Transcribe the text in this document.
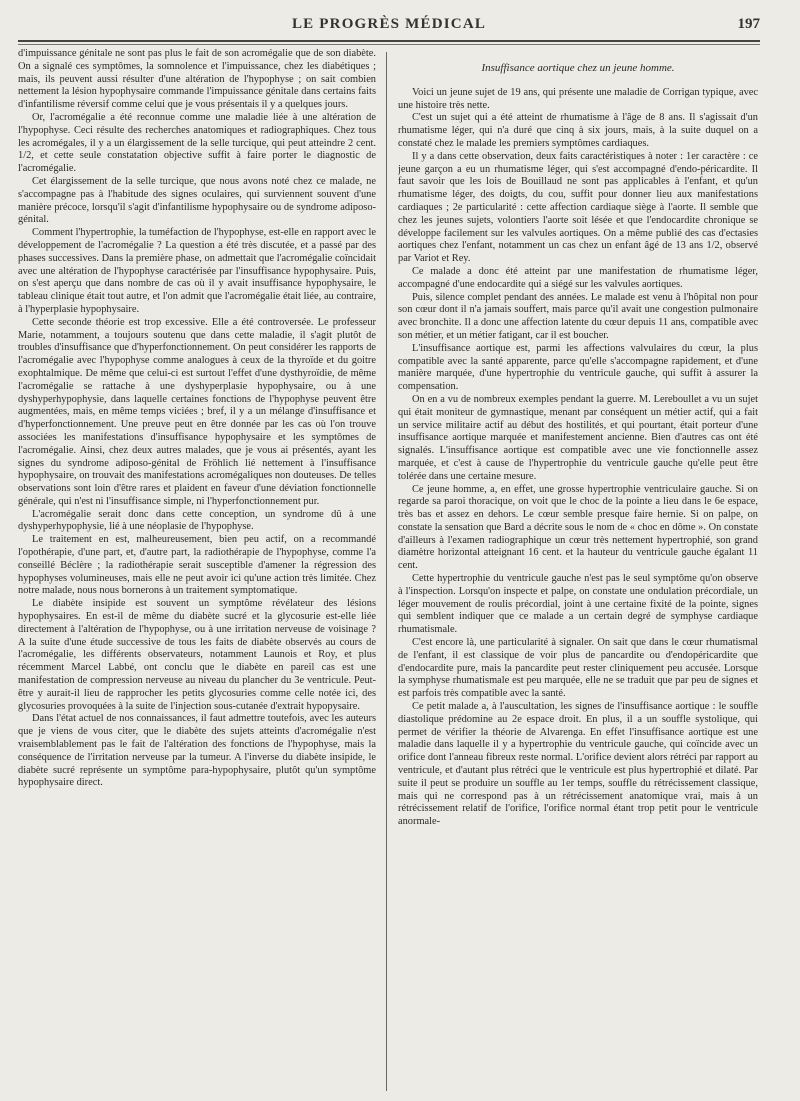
LE PROGRÈS MÉDICAL	197

d'impuissance génitale ne sont pas plus le fait de son acromégalie que de son diabète. On a signalé ces symptômes, la somnolence et l'impuissance, chez les diabétiques ; mais, ils peuvent aussi résulter d'une altération de l'hypophyse ; on sait combien nettement la lésion hypophysaire commande l'impuissance génitale dans certains faits d'infantilisme réversif comme celui que je vous présentais il y a quelques jours.

Or, l'acromégalie a été reconnue comme une maladie liée à une altération de l'hypophyse. Ceci résulte des recherches anatomiques et radiographiques. Chez tous les acromégales, il y a un élargissement de la selle turcique, qui peut atteindre 2 cent. 1/2, et cette seule constatation objective suffit à faire porter le diagnostic de l'acromégalie.

Cet élargissement de la selle turcique, que nous avons noté chez ce malade, ne s'accompagne pas à l'habitude des signes oculaires, qui surviennent souvent d'une manière précoce, lorsqu'il s'agit d'infantilisme hypophysaire ou de syndrome adiposo-génital.

Comment l'hypertrophie, la tuméfaction de l'hypophyse, est-elle en rapport avec le développement de l'acromégalie ? La question a été très discutée, et a passé par des phases successives. Dans la première phase, on admettait que l'acromégalie coïncidait avec une altération de l'hypophyse caractérisée par l'insuffisance hypophysaire. Puis, on s'est aperçu que dans nombre de cas où il y avait insuffisance hypophysaire, le tableau clinique était tout autre, et l'on admit que l'acromégalie était liée, au contraire, à l'hyperplasie hypophysaire.

Cette seconde théorie est trop excessive. Elle a été controversée. Le professeur Marie, notamment, a toujours soutenu que dans cette maladie, il s'agit plutôt de troubles d'insuffisance que d'hyperfonctionnement. On peut considérer les rapports de l'acromégalie avec l'hypophyse comme analogues à ceux de la thyroïde et du goitre exophtalmique. De même que celui-ci est surtout l'effet d'une dysthyroïdie, de même l'acromégalie se rattache à une dyshyperplasie hypophysaire, ou à une dyshyperhypophysie, dans laquelle certaines fonctions de l'hypophyse peuvent être augmentées, mais, en même temps viciées ; bref, il y a un mélange d'insuffisance et d'hyperfonctionnement. Une preuve peut en être donnée par les cas où l'on trouve associées les manifestations d'insuffisance hypophysaire et les symptômes de l'acromégalie. Ainsi, chez deux autres malades, que je vous ai présentés, ayant les signes du syndrome adiposo-génital de Fröhlich lié nettement à l'insuffisance hypophysaire, on trouvait des manifestations acromégaliques non douteuses. De telles observations sont loin d'être rares et plaident en faveur d'une déviation fonctionnelle générale, qui n'est ni l'insuffisance simple, ni l'hyperfonctionnement pur.

L'acromégalie serait donc dans cette conception, un syndrome dû à une dyshyperhypophysie, lié à une néoplasie de l'hypophyse.

Le traitement en est, malheureusement, bien peu actif, on a recommandé l'opothérapie, d'une part, et, d'autre part, la radiothérapie de l'hypophyse, comme l'a conseillé Béclère ; la radiothérapie serait susceptible d'amener la régression des hypophyses volumineuses, mais elle ne peut avoir ici qu'une action très limitée. Chez notre malade, nous nous bornerons à un traitement symptomatique.

Le diabète insipide est souvent un symptôme révélateur des lésions hypophysaires. En est-il de même du diabète sucré et la glycosurie est-elle liée directement à l'altération de l'hypophyse, ou à une irritation nerveuse de voisinage ? A la suite d'une étude successive de tous les faits de diabète observés au cours de l'acromégalie, les différents observateurs, notamment Launois et Roy, et plus récemment Marcel Labbé, ont conclu que le diabète en pareil cas est une manifestation de compression nerveuse au niveau du plancher du 3e ventricule. Peut-être y aurait-il lieu de rapprocher les petits glycosuries comme celle notée ici, des glycosuries provoquées à la suite de l'injection sous-cutanée d'extrait hypopysaire.

Dans l'état actuel de nos connaissances, il faut admettre toutefois, avec les auteurs que je viens de vous citer, que le diabète des sujets atteints d'acromégalie n'est vraisemblablement pas le fait de l'altération des fonctions de l'hypophyse, mais la conséquence de l'irritation nerveuse par la tumeur. A l'inverse du diabète insipide, le diabète sucré représente un symptôme para-hypophysaire, plutôt qu'un symptôme hypophysaire direct.

Insuffisance aortique chez un jeune homme.

Voici un jeune sujet de 19 ans, qui présente une maladie de Corrigan typique, avec une histoire très nette.

C'est un sujet qui a été atteint de rhumatisme à l'âge de 8 ans. Il s'agissait d'un rhumatisme léger, qui n'a duré que cinq à six jours, mais, à la suite duquel on a constaté chez le malade les premiers symptômes cardiaques.

Il y a dans cette observation, deux faits caractéristiques à noter : 1er caractère : ce jeune garçon a eu un rhumatisme léger, qui s'est accompagné d'endo-péricardite. Il faut savoir que les lois de Bouillaud ne sont pas applicables à l'enfant, et qu'un rhumatisme léger, des doigts, du cou, suffit pour donner lieu aux manifestations cardiaques ; 2e particularité : cette affection cardiaque siège à l'aorte. Il semble que chez les jeunes sujets, volontiers l'aorte soit lésée et que l'endocardite chronique se développe facilement sur les valvules aortiques. On a même publié des cas d'ectasies aortiques chez l'enfant, notamment un cas chez un enfant âgé de 13 ans 1/2, observé par Variot et Rey.

Ce malade a donc été atteint par une manifestation de rhumatisme léger, accompagné d'une endocardite qui a siégé sur les valvules aortiques.

Puis, silence complet pendant des années. Le malade est venu à l'hôpital non pour son cœur dont il n'a jamais souffert, mais parce qu'il avait une congestion pulmonaire avec bronchite. Il a donc une affection latente du cœur depuis 11 ans, compatible avec son métier, et un métier fatigant, car il est boucher.

L'insuffisance aortique est, parmi les affections valvulaires du cœur, la plus compatible avec la santé apparente, parce qu'elle s'accompagne rapidement, et d'une manière marquée, d'une hypertrophie du ventricule gauche, qui suffit à assurer la compensation.

On en a vu de nombreux exemples pendant la guerre. M. Lereboullet a vu un sujet qui était moniteur de gymnastique, menant par conséquent un métier actif, qui a fait un service militaire actif au début des hostilités, et qui pourtant, était porteur d'une insuffisance aortique marquée et manifestement ancienne. Bien d'autres cas ont été signalés. L'insuffisance aortique est compatible avec une vie fonctionnelle assez marquée, et c'est à cause de l'hypertrophie du ventricule gauche qu'elle peut être tolérée dans une certaine mesure.

Ce jeune homme, a, en effet, une grosse hypertrophie ventriculaire gauche. Si on regarde sa paroi thoracique, on voit que le choc de la pointe a lieu dans le 6e espace, très bas et assez en dehors. Le cœur semble presque faire hernie. Si on palpe, on constate la sensation que Bard a décrite sous le nom de « choc en dôme ». On constate d'ailleurs à l'examen radiographique un cœur très nettement hypertrophié, son grand diamètre horizontal atteignant 16 cent. et la hauteur du ventricule gauche égalant 11 cent.

Cette hypertrophie du ventricule gauche n'est pas le seul symptôme qu'on observe à l'inspection. Lorsqu'on inspecte et palpe, on constate une ondulation précordiale, un léger mouvement de roulis précordial, joint à une certaine fixité de la pointe, signes qui semblent indiquer que ce malade a un certain degré de symphyse cardiaque rhumatismale.

C'est encore là, une particularité à signaler. On sait que dans le cœur rhumatismal de l'enfant, il est classique de voir plus de pancardite ou d'endopéricardite que d'endocardite pure, mais la pancardite peut rester cliniquement peu accusée. Lorsque la symphyse rhumatismale est peu marquée, elle ne se traduit que par peu de signes et est parfois très compatible avec la santé.

Ce petit malade a, à l'auscultation, les signes de l'insuffisance aortique : le souffle diastolique prédomine au 2e espace droit. En plus, il a un souffle systolique, qui permet de vérifier la théorie de Alvarenga. En effet l'insuffisance aortique est une maladie dans laquelle il y a hypertrophie du ventricule gauche, qui coïncide avec un orifice dont l'anneau fibreux reste normal. L'orifice devient alors rétréci par rapport au ventricule, et d'autant plus rétréci que le ventricule est plus hypertrophié et dilaté. Par suite il peut se produire un souffle au 1er temps, souffle du rétrécissement classique, mais qui ne correspond pas à un rétrécissement anatomique vrai, mais à un rétrécissement relatif de l'orifice, l'orifice normal étant trop petit pour le ventricule anormale-
